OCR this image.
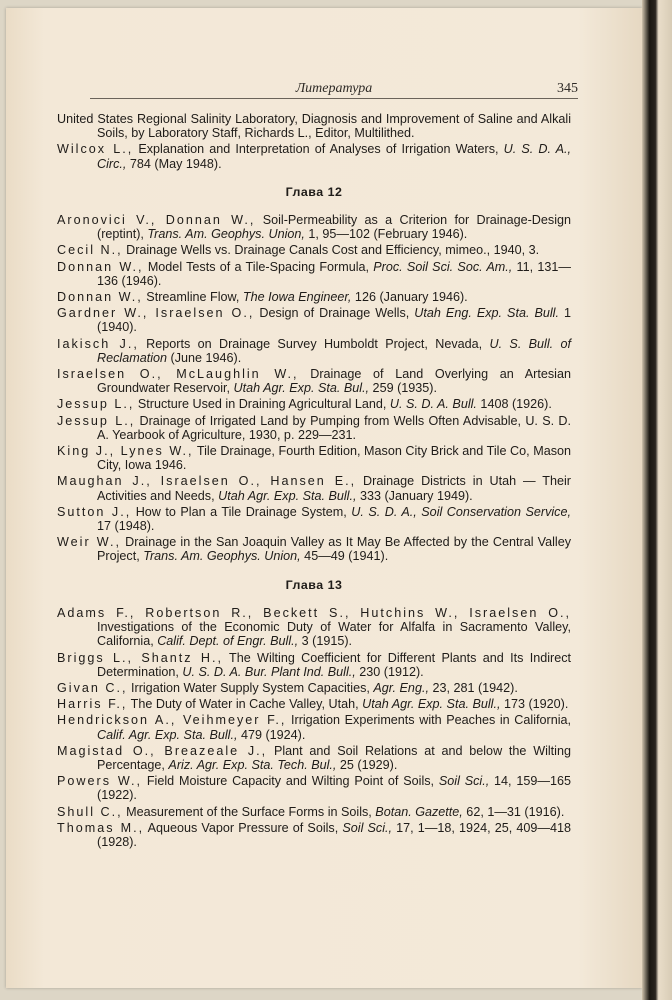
Литература	345
United States Regional Salinity Laboratory, Diagnosis and Improvement of Saline and Alkali Soils, by Laboratory Staff, Richards L., Editor, Multilithed.
Wilcox L., Explanation and Interpretation of Analyses of Irrigation Waters, U. S. D. A., Circ., 784 (May 1948).
Глава 12
Aronovici V., Donnan W., Soil-Permeability as a Criterion for Drainage-Design (reptint), Trans. Am. Geophys. Union, 1, 95—102 (February 1946).
Cecil N., Drainage Wells vs. Drainage Canals Cost and Efficiency, mimeo., 1940, 3.
Donnan W., Model Tests of a Tile-Spacing Formula, Proc. Soil Sci. Soc. Am., 11, 131—136 (1946).
Donnan W., Streamline Flow, The Iowa Engineer, 126 (January 1946).
Gardner W., Israelsen O., Design of Drainage Wells, Utah Eng. Exp. Sta. Bull. 1 (1940).
Iakisch J., Reports on Drainage Survey Humboldt Project, Nevada, U. S. Bull. of Reclamation (June 1946).
Israelsen O., McLaughlin W., Drainage of Land Overlying an Artesian Groundwater Reservoir, Utah Agr. Exp. Sta. Bul., 259 (1935).
Jessup L., Structure Used in Draining Agricultural Land, U. S. D. A. Bull. 1408 (1926).
Jessup L., Drainage of Irrigated Land by Pumping from Wells Often Advisable, U. S. D. A. Yearbook of Agriculture, 1930, p. 229—231.
King J., Lynes W., Tile Drainage, Fourth Edition, Mason City Brick and Tile Co, Mason City, Iowa 1946.
Maughan J., Israelsen O., Hansen E., Drainage Districts in Utah — Their Activities and Needs, Utah Agr. Exp. Sta. Bull., 333 (January 1949).
Sutton J., How to Plan a Tile Drainage System, U. S. D. A., Soil Conservation Service, 17 (1948).
Weir W., Drainage in the San Joaquin Valley as It May Be Affected by the Central Valley Project, Trans. Am. Geophys. Union, 45—49 (1941).
Глава 13
Adams F., Robertson R., Beckett S., Hutchins W., Israelsen O., Investigations of the Economic Duty of Water for Alfalfa in Sacramento Valley, California, Calif. Dept. of Engr. Bull., 3 (1915).
Briggs L., Shantz H., The Wilting Coefficient for Different Plants and Its Indirect Determination, U. S. D. A. Bur. Plant Ind. Bull., 230 (1912).
Givan C., Irrigation Water Supply System Capacities, Agr. Eng., 23, 281 (1942).
Harris F., The Duty of Water in Cache Valley, Utah, Utah Agr. Exp. Sta. Bull., 173 (1920).
Hendrickson A., Veihmeyer F., Irrigation Experiments with Peaches in California, Calif. Agr. Exp. Sta. Bull., 479 (1924).
Magistad O., Breazeale J., Plant and Soil Relations at and below the Wilting Percentage, Ariz. Agr. Exp. Sta. Tech. Bul., 25 (1929).
Powers W., Field Moisture Capacity and Wilting Point of Soils, Soil Sci., 14, 159—165 (1922).
Shull C., Measurement of the Surface Forms in Soils, Botan. Gazette, 62, 1—31 (1916).
Thomas M., Aqueous Vapor Pressure of Soils, Soil Sci., 17, 1—18, 1924, 25, 409—418 (1928).
